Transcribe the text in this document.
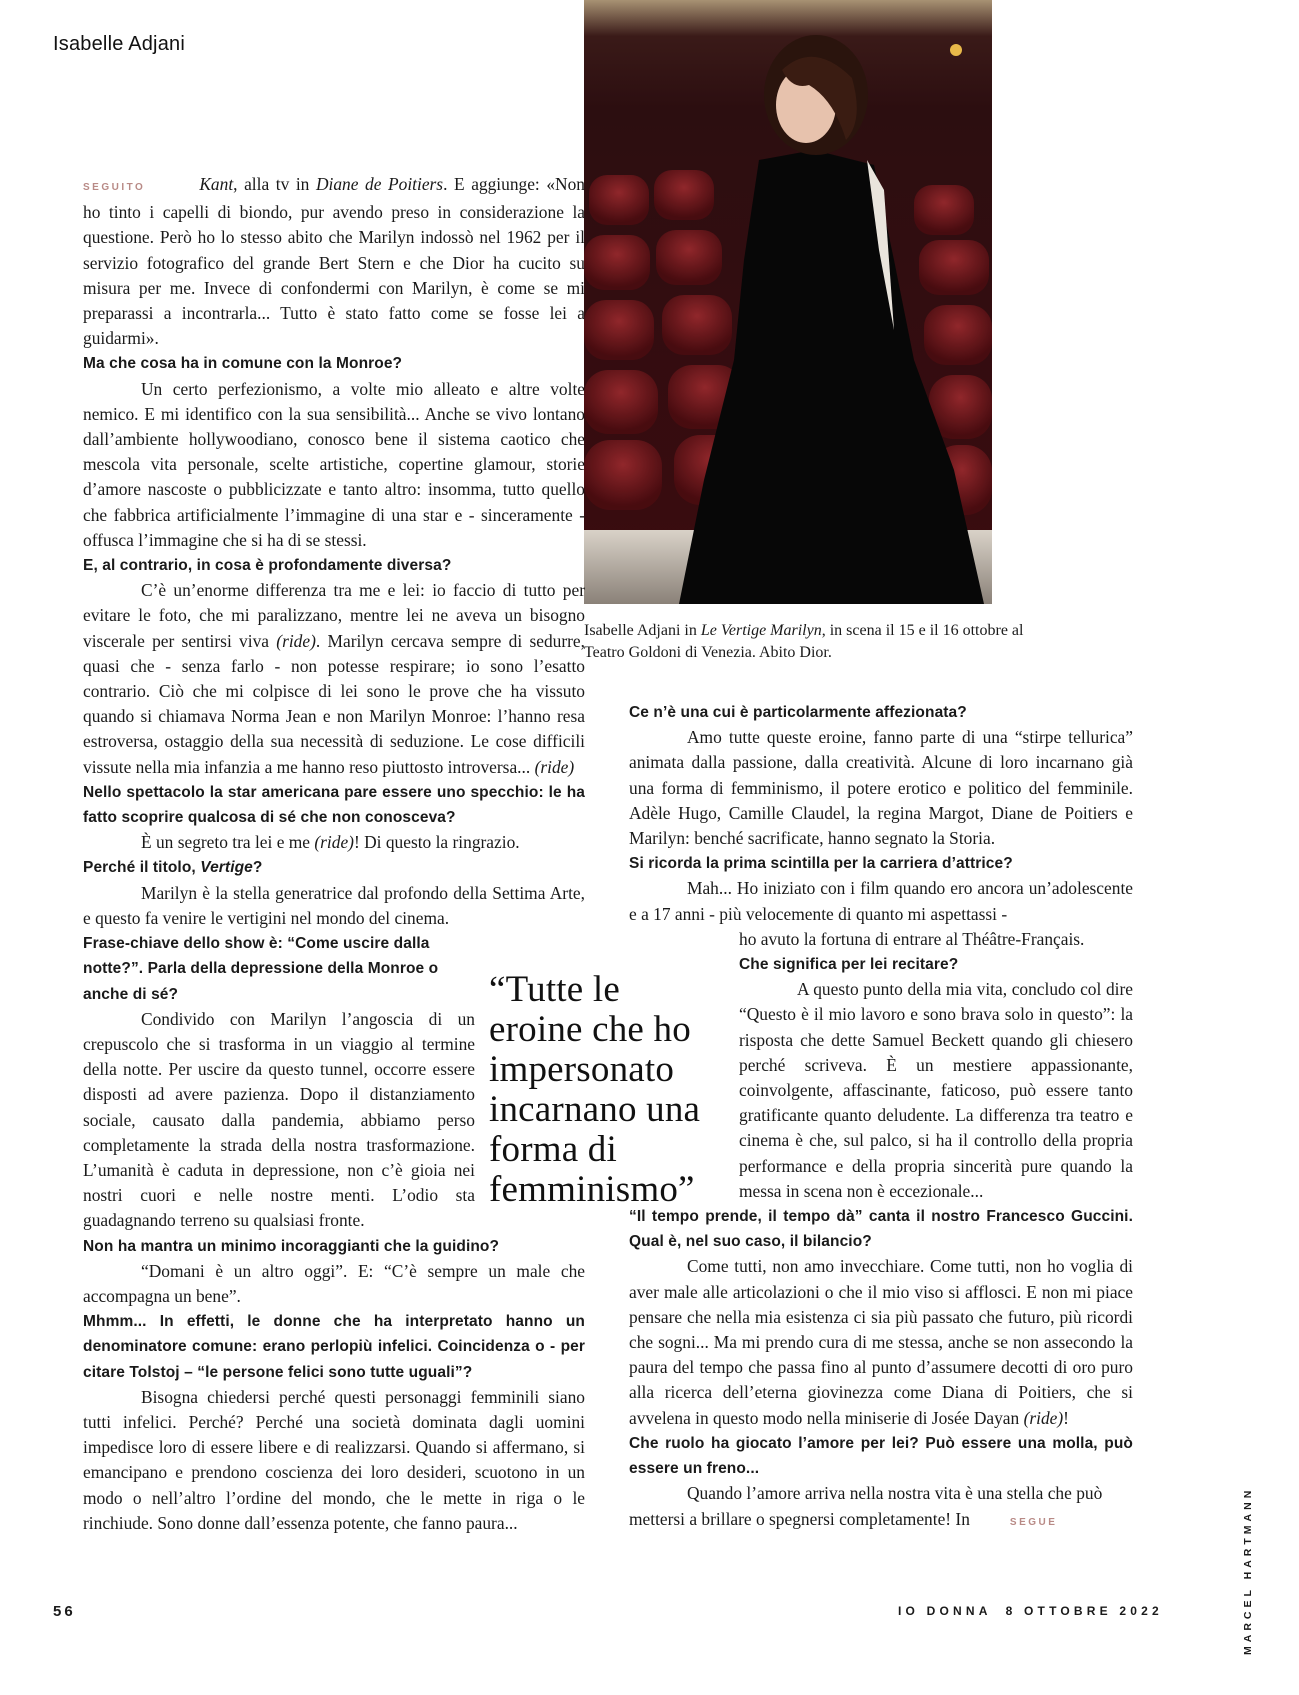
Isabelle Adjani
Isabelle Adjani in Le Vertige Marilyn, in scena il 15 e il 16 ottobre al Teatro Goldoni di Venezia. Abito Dior.

SEGUITO	Kant, alla tv in Diane de Poitiers. E aggiunge: «Non ho tinto i capelli di biondo, pur avendo preso in considerazione la questione. Però ho lo stesso abito che Marilyn indossò nel 1962 per il servizio fotografico del grande Bert Stern e che Dior ha cucito su misura per me. Invece di confondermi con Marilyn, è come se mi preparassi a incontrarla... Tutto è stato fatto come se fosse lei a guidarmi».

Ma che cosa ha in comune con la Monroe?

Un certo perfezionismo, a volte mio alleato e altre volte nemico. E mi identifico con la sua sensibilità... Anche se vivo lontano dall’ambiente hollywoodiano, conosco bene il sistema caotico che mescola vita personale, scelte artistiche, copertine glamour, storie d’amore nascoste o pubblicizzate e tanto altro: insomma, tutto quello che fabbrica artificialmente l’immagine di una star e - sinceramente - offusca l’immagine che si ha di se stessi.

E, al contrario, in cosa è profondamente diversa?

C’è un’enorme differenza tra me e lei: io faccio di tutto per evitare le foto, che mi paralizzano, mentre lei ne aveva un bisogno viscerale per sentirsi viva (ride). Marilyn cercava sempre di sedurre, quasi che - senza farlo - non potesse respirare; io sono l’esatto contrario. Ciò che mi colpisce di lei sono le prove che ha vissuto quando si chiamava Norma Jean e non Marilyn Monroe: l’hanno resa estroversa, ostaggio della sua necessità di seduzione. Le cose difficili vissute nella mia infanzia a me hanno reso piuttosto introversa... (ride)

Nello spettacolo la star americana pare essere uno specchio: le ha fatto scoprire qualcosa di sé che non conosceva?

È un segreto tra lei e me (ride)! Di questo la ringrazio.

Perché il titolo, Vertige?

Marilyn è la stella generatrice dal profondo della Settima Arte, e questo fa venire le vertigini nel mondo del cinema.

Frase-chiave dello show è: “Come uscire dalla notte?”. Parla della depressione della Monroe o anche di sé?

Condivido con Marilyn l’angoscia di un crepuscolo che si trasforma in un viaggio al termine della notte. Per uscire da questo tunnel, occorre essere disposti ad avere pazienza. Dopo il distanziamento sociale, causato dalla pandemia, abbiamo perso completamente la strada della nostra trasformazione. L’umanità è caduta in depressione, non c’è gioia nei nostri cuori e nelle nostre menti. L’odio sta guadagnando terreno su qualsiasi fronte.

Non ha mantra un minimo incoraggianti che la guidino?

“Domani è un altro oggi”. E: “C’è sempre un male che accompagna un bene”.

Mhmm... In effetti, le donne che ha interpretato hanno un denominatore comune: erano perlopiù infelici. Coincidenza o - per citare Tolstoj – “le persone felici sono tutte uguali”?

Bisogna chiedersi perché questi personaggi femminili siano tutti infelici. Perché? Perché una società dominata dagli uomini impedisce loro di essere libere e di realizzarsi. Quando si affermano, si emancipano e prendono coscienza dei loro desideri, scuotono in un modo o nell’altro l’ordine del mondo, che le mette in riga o le rinchiude. Sono donne dall’essenza potente, che fanno paura...

“Tutte le eroine che ho impersonato incarnano una forma di femminismo”

Ce n’è una cui è particolarmente affezionata?

Amo tutte queste eroine, fanno parte di una “stirpe tellurica” animata dalla passione, dalla creatività. Alcune di loro incarnano già una forma di femminismo, il potere erotico e politico del femminile. Adèle Hugo, Camille Claudel, la regina Margot, Diane de Poitiers e Marilyn: benché sacrificate, hanno segnato la Storia.

Si ricorda la prima scintilla per la carriera d’attrice?

Mah... Ho iniziato con i film quando ero ancora un’adolescente e a 17 anni - più velocemente di quanto mi aspettassi -

ho avuto la fortuna di entrare al Théâtre-Français.

Che significa per lei recitare?

A questo punto della mia vita, concludo col dire “Questo è il mio lavoro e sono brava solo in questo”: la risposta che dette Samuel Beckett quando gli chiesero perché scriveva. È un mestiere appassionante, coinvolgente, affascinante, faticoso, può essere tanto gratificante quanto deludente. La differenza tra teatro e cinema è che, sul palco, si ha il controllo della propria performance e della propria sincerità pure quando la messa in scena non è eccezionale...

“Il tempo prende, il tempo dà” canta il nostro Francesco Guccini. Qual è, nel suo caso, il bilancio?

Come tutti, non amo invecchiare. Come tutti, non ho voglia di aver male alle articolazioni o che il mio viso si afflosci. E non mi piace pensare che nella mia esistenza ci sia più passato che futuro, più ricordi che sogni... Ma mi prendo cura di me stessa, anche se non assecondo la paura del tempo che passa fino al punto d’assumere decotti di oro puro alla ricerca dell’eterna giovinezza come Diana di Poitiers, che si avvelena in questo modo nella miniserie di Josée Dayan (ride)!

Che ruolo ha giocato l’amore per lei? Può essere una molla, può essere un freno...

Quando l’amore arriva nella nostra vita è una stella che può mettersi a brillare o spegnersi completamente! In	SEGUE

56	IO DONNA 8 OTTOBRE 2022	MARCEL HARTMANN
